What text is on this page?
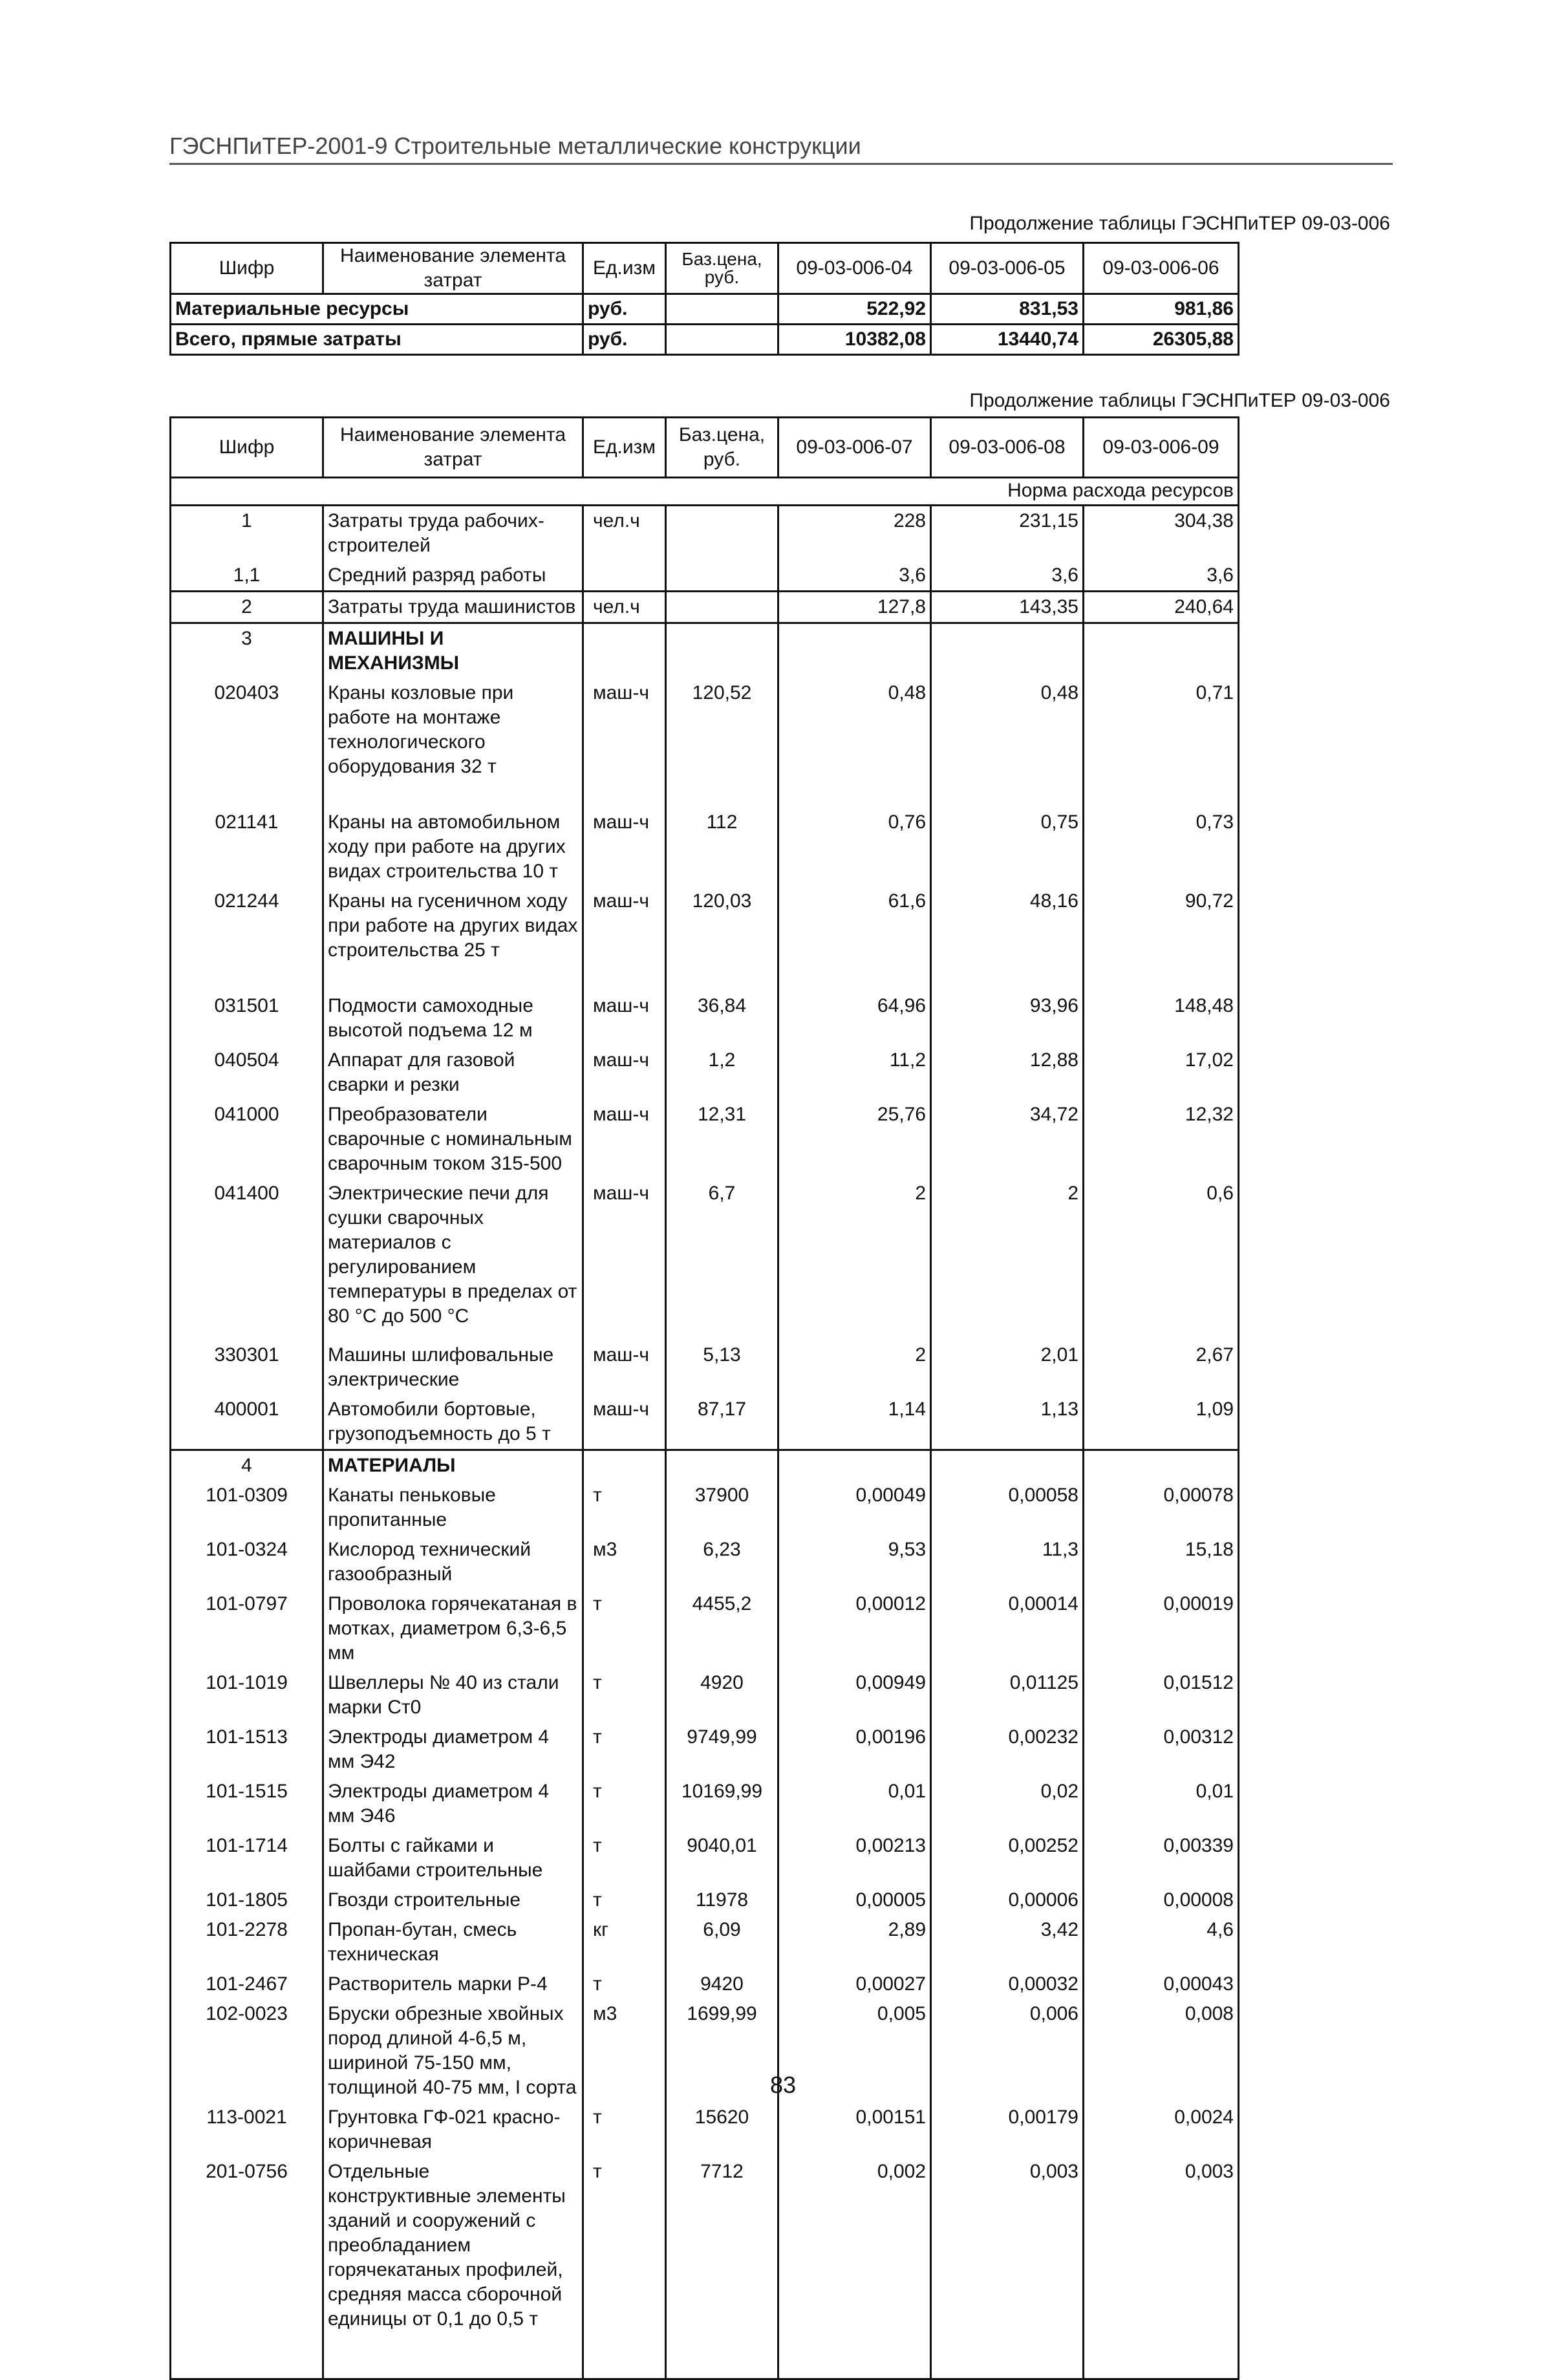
ГЭСНПиТЕР-2001-9 Строительные металлические конструкции
Продолжение таблицы ГЭСНПиТЕР 09-03-006
Шифр	Наименование элемента затрат	Ед.изм	Баз.цена, руб.	09-03-006-04	09-03-006-05	09-03-006-06
Материальные ресурсы		руб.		522,92	831,53	981,86
Всего, прямые затраты		руб.		10382,08	13440,74	26305,88
Продолжение таблицы ГЭСНПиТЕР 09-03-006
Шифр	Наименование элемента затрат	Ед.изм	Баз.цена, руб.	09-03-006-07	09-03-006-08	09-03-006-09
Норма расхода ресурсов						
1	Затраты труда рабочих-строителей	чел.ч		228	231,15	304,38
1,1	Средний разряд работы			3,6	3,6	3,6
2	Затраты труда машинистов	чел.ч		127,8	143,35	240,64
3	МАШИНЫ И МЕХАНИЗМЫ					
020403	Краны козловые при работе на монтаже технологического оборудования 32 т	маш-ч	120,52	0,48	0,48	0,71
021141	Краны на автомобильном ходу при работе на других видах строительства 10 т	маш-ч	112	0,76	0,75	0,73
021244	Краны на гусеничном ходу при работе на других видах строительства 25 т	маш-ч	120,03	61,6	48,16	90,72
031501	Подмости самоходные высотой подъема 12 м	маш-ч	36,84	64,96	93,96	148,48
040504	Аппарат для газовой сварки и резки	маш-ч	1,2	11,2	12,88	17,02
041000	Преобразователи сварочные с номинальным сварочным током 315-500	маш-ч	12,31	25,76	34,72	12,32
041400	Электрические печи для сушки сварочных материалов с регулированием температуры в пределах от 80 °С до 500 °С	маш-ч	6,7	2	2	0,6
330301	Машины шлифовальные электрические	маш-ч	5,13	2	2,01	2,67
400001	Автомобили бортовые, грузоподъемность до 5 т	маш-ч	87,17	1,14	1,13	1,09
4	МАТЕРИАЛЫ					
101-0309	Канаты пеньковые пропитанные	т	37900	0,00049	0,00058	0,00078
101-0324	Кислород технический газообразный	м3	6,23	9,53	11,3	15,18
101-0797	Проволока горячекатаная в мотках, диаметром 6,3-6,5 мм	т	4455,2	0,00012	0,00014	0,00019
101-1019	Швеллеры № 40 из стали марки Ст0	т	4920	0,00949	0,01125	0,01512
101-1513	Электроды диаметром 4 мм Э42	т	9749,99	0,00196	0,00232	0,00312
101-1515	Электроды диаметром 4 мм Э46	т	10169,99	0,01	0,02	0,01
101-1714	Болты с гайками и шайбами строительные	т	9040,01	0,00213	0,00252	0,00339
101-1805	Гвозди строительные	т	11978	0,00005	0,00006	0,00008
101-2278	Пропан-бутан, смесь техническая	кг	6,09	2,89	3,42	4,6
101-2467	Растворитель марки Р-4	т	9420	0,00027	0,00032	0,00043
102-0023	Бруски обрезные хвойных пород длиной 4-6,5 м, шириной 75-150 мм, толщиной 40-75 мм, I сорта	м3	1699,99	0,005	0,006	0,008
113-0021	Грунтовка ГФ-021 красно-коричневая	т	15620	0,00151	0,00179	0,0024
201-0756	Отдельные конструктивные элементы зданий и сооружений с преобладанием горячекатаных профилей, средняя масса сборочной единицы от 0,1 до 0,5 т	т	7712	0,002	0,003	0,003

83
